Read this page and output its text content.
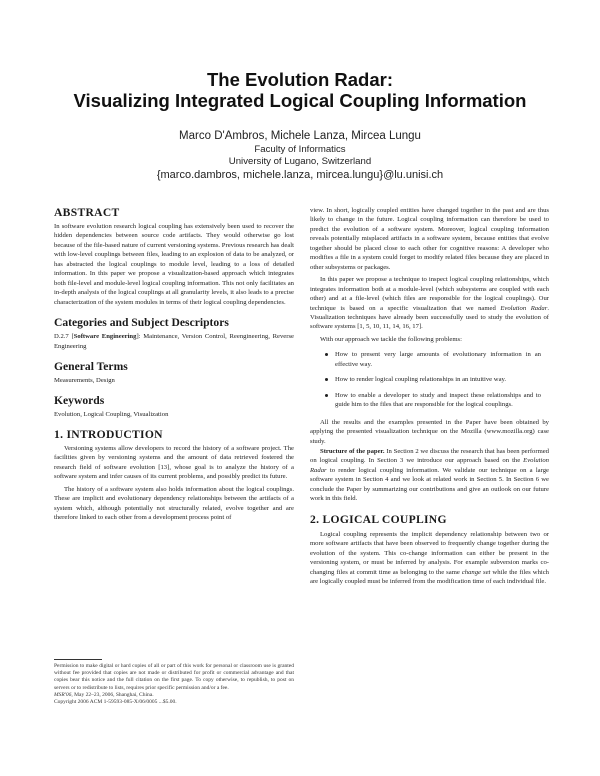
The Evolution Radar:
Visualizing Integrated Logical Coupling Information
Marco D'Ambros, Michele Lanza, Mircea Lungu
Faculty of Informatics
University of Lugano, Switzerland
{marco.dambros, michele.lanza, mircea.lungu}@lu.unisi.ch
ABSTRACT

In software evolution research logical coupling has extensively been used to recover the hidden dependencies between source code artifacts. They would otherwise go lost because of the file-based nature of current versioning systems. Previous research has dealt with low-level couplings between files, leading to an explosion of data to be analyzed, or has abstracted the logical couplings to module level, leading to a loss of detailed information. In this paper we propose a visualization-based approach which integrates both file-level and module-level logical coupling information. This not only facilitates an in-depth analysis of the logical couplings at all granularity levels, it also leads to a precise characterization of the system modules in terms of their logical coupling dependencies.

Categories and Subject Descriptors

D.2.7 [Software Engineering]: Maintenance, Version Control, Reengineering, Reverse Engineering

General Terms

Measurements, Design

Keywords

Evolution, Logical Coupling, Visualization

1. INTRODUCTION

Versioning systems allow developers to record the history of a software project. The facilities given by versioning systems and the amount of data retrieved fostered the research field of software evolution [13], whose goal is to analyze the history of a software system and infer causes of its current problems, and possibly predict its future.

The history of a software system also holds information about the logical couplings. These are implicit and evolutionary dependency relationships between the artifacts of a system which, although potentially not structurally related, evolve together and are therefore linked to each other from a development process point of

Permission to make digital or hard copies of all or part of this work for personal or classroom use is granted without fee provided that copies are not made or distributed for profit or commercial advantage and that copies bear this notice and the full citation on the first page. To copy otherwise, to republish, to post on servers or to redistribute to lists, requires prior specific permission and/or a fee.
MSR'06, May 22–23, 2006, Shanghai, China.
Copyright 2006 ACM 1-59593-085-X/06/0005 ...$5.00.

view. In short, logically coupled entities have changed together in the past and are thus likely to change in the future. Logical coupling information can therefore be used to predict the evolution of a software system. Moreover, logical coupling information reveals potentially misplaced artifacts in a software system, because entities that evolve together should be placed close to each other for cognitive reasons: A developer who modifies a file in a system could forget to modify related files because they are placed in other subsystems or packages.

In this paper we propose a technique to inspect logical coupling relationships, which integrates information both at a module-level (which subsystems are coupled with each other) and at a file-level (which files are responsible for the logical couplings). Our technique is based on a specific visualization that we named Evolution Radar. Visualization techniques have already been successfully used to study the evolution of software systems [1, 5, 10, 11, 14, 16, 17].

With our approach we tackle the following problems:

How to present very large amounts of evolutionary information in an effective way.
How to render logical coupling relationships in an intuitive way.
How to enable a developer to study and inspect these relationships and to guide him to the files that are responsible for the logical couplings.

All the results and the examples presented in the Paper have been obtained by applying the presented visualization technique on the Mozilla (www.mozilla.org) case study.

Structure of the paper. In Section 2 we discuss the research that has been performed on logical coupling. In Section 3 we introduce our approach based on the Evolution Radar to render logical coupling information. We validate our technique on a large software system in Section 4 and we look at related work in Section 5. In Section 6 we conclude the Paper by summarizing our contributions and give an outlook on our future work in this field.

2. LOGICAL COUPLING

Logical coupling represents the implicit dependency relationship between two or more software artifacts that have been observed to frequently change together during the evolution of the system. This co-change information can either be present in the versioning system, or must be inferred by analysis. For example subversion marks co-changing files at commit time as belonging to the same change set while the files which are logically coupled must be inferred from the modification time of each individual file.
